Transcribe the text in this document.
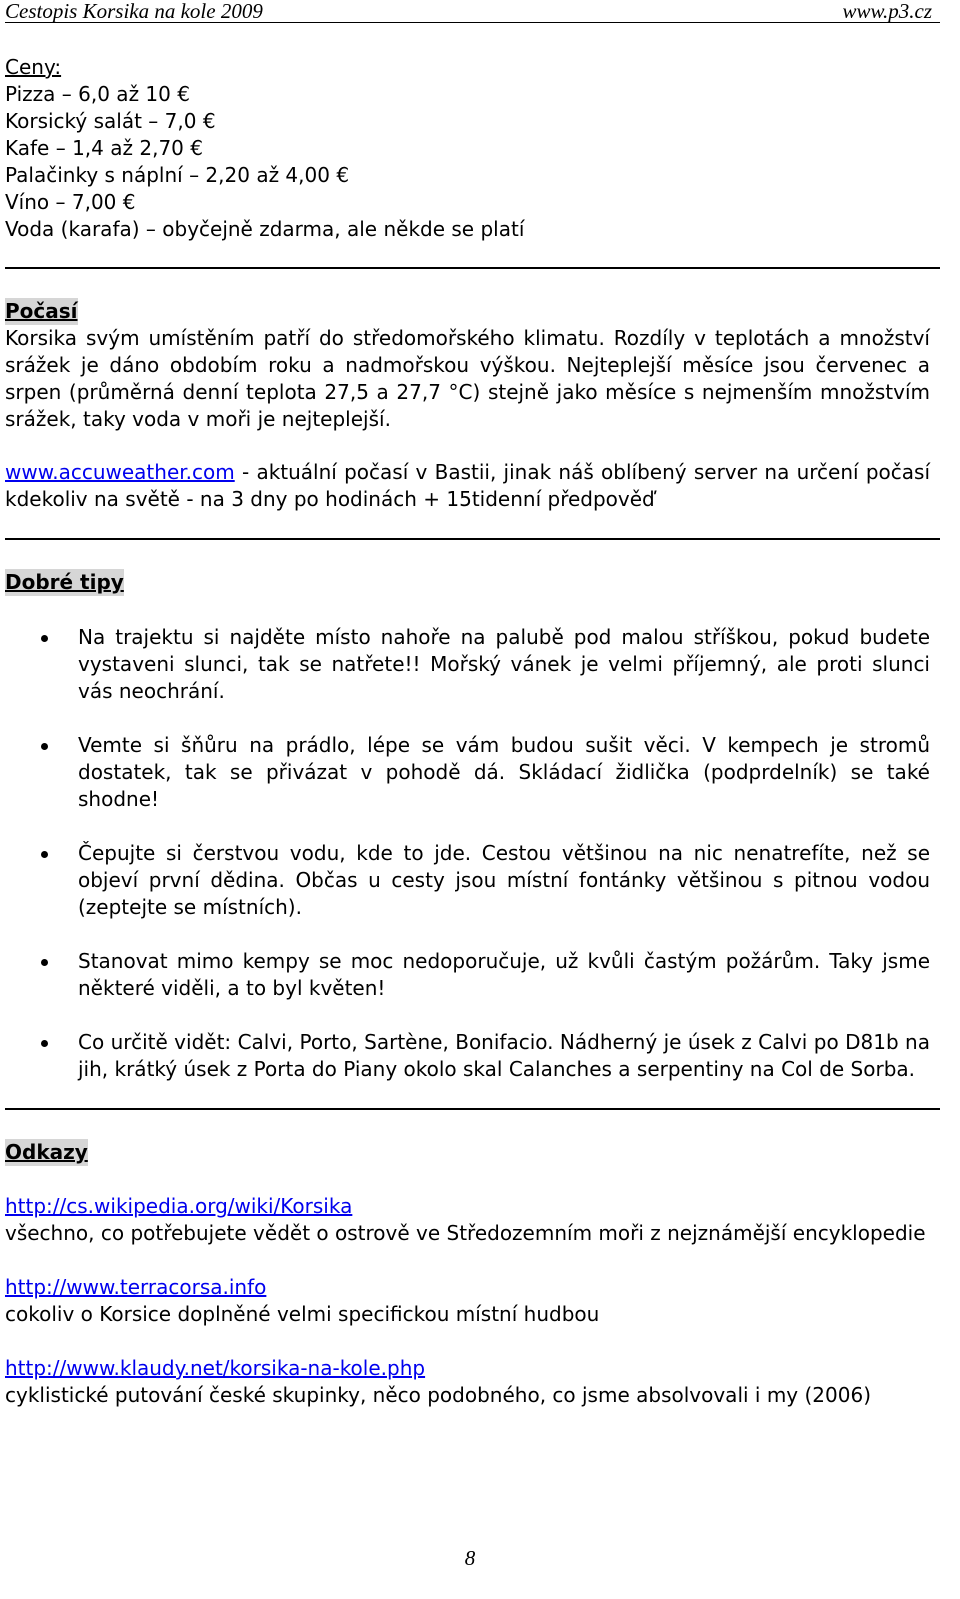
Cestopis Korsika na kole 2009	www.p3.cz
Ceny:
Pizza – 6,0 až 10 €
Korsický salát – 7,0 €
Kafe – 1,4 až 2,70 €
Palačinky s náplní – 2,20 až 4,00 €
Víno – 7,00 €
Voda (karafa) – obyčejně zdarma, ale někde se platí
Počasí
Korsika svým umístěním patří do středomořského klimatu. Rozdíly v teplotách a množství srážek je dáno obdobím roku a nadmořskou výškou. Nejteplejší měsíce jsou červenec a srpen (průměrná denní teplota 27,5 a 27,7 °C) stejně jako měsíce s nejmenším množstvím srážek, taky voda v moři je nejteplejší.
www.accuweather.com - aktuální počasí v Bastii, jinak náš oblíbený server na určení počasí kdekoliv na světě - na 3 dny po hodinách + 15tidenní předpověď
Dobré tipy
Na trajektu si najděte místo nahoře na palubě pod malou stříškou, pokud budete vystaveni slunci, tak se natřete!! Mořský vánek je velmi příjemný, ale proti slunci vás neochrání.
Vemte si šňůru na prádlo, lépe se vám budou sušit věci. V kempech je stromů dostatek, tak se přivázat v pohodě dá. Skládací židlička (podprdelník) se také shodne!
Čepujte si čerstvou vodu, kde to jde. Cestou většinou na nic nenatrefíte, než se objeví první dědina. Občas u cesty jsou místní fontánky většinou s pitnou vodou (zeptejte se místních).
Stanovat mimo kempy se moc nedoporučuje, už kvůli častým požárům. Taky jsme některé viděli, a to byl květen!
Co určitě vidět: Calvi, Porto, Sartène, Bonifacio. Nádherný je úsek z Calvi po D81b na jih, krátký úsek z Porta do Piany okolo skal Calanches a serpentiny na Col de Sorba.
Odkazy
http://cs.wikipedia.org/wiki/Korsika
všechno, co potřebujete vědět o ostrově ve Středozemním moři z nejznámější encyklopedie
http://www.terracorsa.info
cokoliv o Korsice doplněné velmi specifickou místní hudbou
http://www.klaudy.net/korsika-na-kole.php
cyklistické putování české skupinky, něco podobného, co jsme absolvovali i my (2006)
8
